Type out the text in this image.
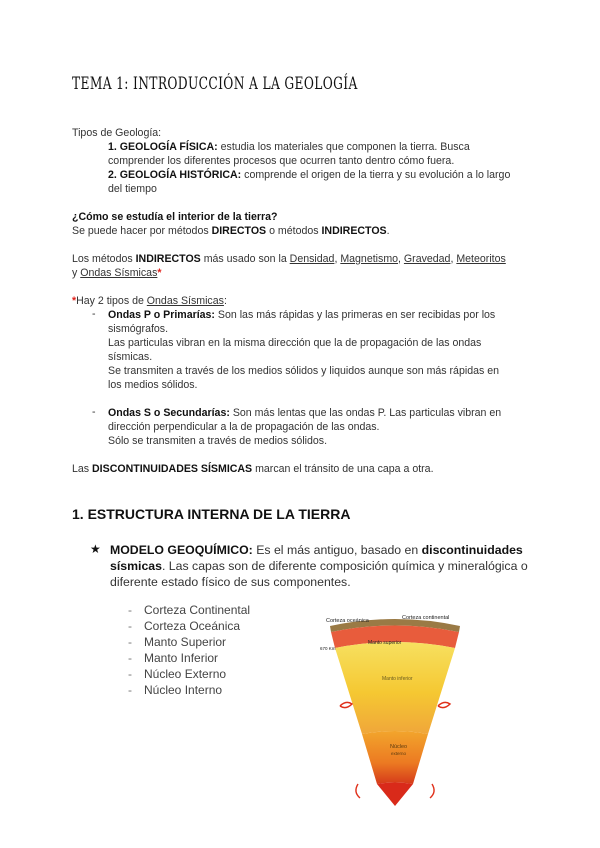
TEMA 1: INTRODUCCIÓN A LA GEOLOGÍA
Tipos de Geología:
1. GEOLOGÍA FÍSICA: estudia los materiales que componen la tierra. Busca
comprender los diferentes procesos que ocurren tanto dentro cómo fuera.
2. GEOLOGÍA HISTÓRICA: comprende el origen de la tierra y su evolución a lo largo
del tiempo
¿Cómo se estudía el interior de la tierra?
Se puede hacer por métodos DIRECTOS o métodos INDIRECTOS.
Los métodos INDIRECTOS más usado son la Densidad, Magnetismo, Gravedad, Meteoritos
y Ondas Sísmicas*
*Hay 2 tipos de Ondas Sísmicas:
- Ondas P o Primarías: Son las más rápidas y las primeras en ser recibidas por los
sismógrafos.
Las particulas vibran en la misma dirección que la de propagación de las ondas
sísmicas.
Se transmiten a través de los medios sólidos y liquidos aunque son más rápidas en
los medios sólidos.
- Ondas S o Secundarías: Son más lentas que las ondas P. Las particulas vibran en
dirección perpendicular a la de propagación de las ondas.
Sólo se transmiten a través de medios sólidos.
Las DISCONTINUIDADES SÍSMICAS marcan el tránsito de una capa a otra.
1. ESTRUCTURA INTERNA DE LA TIERRA
★ MODELO GEOQUÍMICO: Es el más antiguo, basado en discontinuidades sísmicas. Las capas son de diferente composición química y mineralógica o diferente estado físico de sus componentes.
- Corteza Continental
- Corteza Oceánica
- Manto Superior
- Manto Inferior
- Núcleo Externo
- Núcleo Interno
Corteza oceánica	Corteza continental
Manto superior
670 Km
Manto inferior
Núcleo
externo
